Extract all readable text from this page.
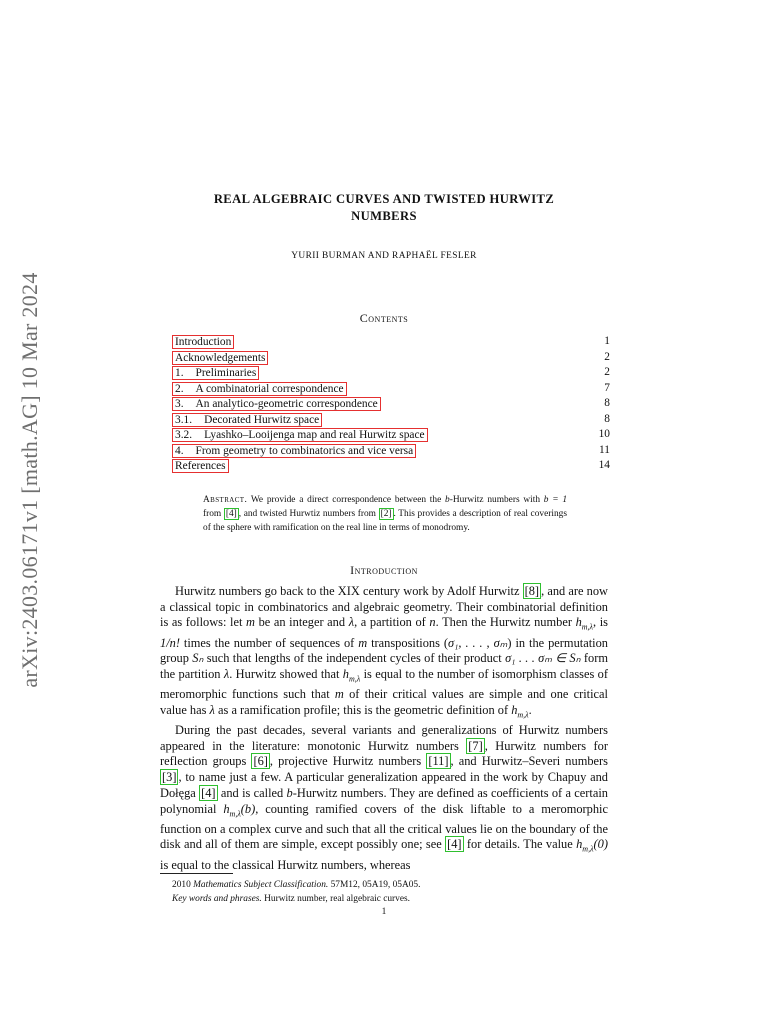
arXiv:2403.06171v1 [math.AG] 10 Mar 2024
REAL ALGEBRAIC CURVES AND TWISTED HURWITZ
NUMBERS
YURII BURMAN AND RAPHAËL FESLER
Contents
Introduction	1
Acknowledgements	2
1. Preliminaries	2
2. A combinatorial correspondence	7
3. An analytico-geometric correspondence	8
3.1. Decorated Hurwitz space	8
3.2. Lyashko–Looijenga map and real Hurwitz space	10
4. From geometry to combinatorics and vice versa	11
References	14
Abstract. We provide a direct correspondence between the b-Hurwitz numbers with b = 1 from [4] , and twisted Hurwtiz numbers from [2] . This provides a description of real coverings of the sphere with ramification on the real line in terms of monodromy.
Introduction

Hurwitz numbers go back to the XIX century work by Adolf Hurwitz [8] , and are now a classical topic in combinatorics and algebraic geometry. Their combinatorial definition is as follows: let m be an integer and λ, a partition of n. Then the Hurwitz number $h_{m,\lambda}$, is 1/n! times the number of sequences of m transpositions (σ₁, . . . , σₘ) in the permutation group Sₙ such that lengths of the independent cycles of their product σ₁ . . . σₘ ∈ Sₙ form the partition λ. Hurwitz showed that $h_{m,\lambda}$ is equal to the number of isomorphism classes of meromorphic functions such that m of their critical values are simple and one critical value has λ as a ramification profile; this is the geometric definition of $h_{m,\lambda}$.

During the past decades, several variants and generalizations of Hurwitz numbers appeared in the literature: monotonic Hurwitz numbers [7] , Hurwitz numbers for reflection groups [6] , projective Hurwitz numbers [11] , and Hurwitz–Severi numbers [3] , to name just a few. A particular generalization appeared in the work by Chapuy and Dołęga [4] and is called b-Hurwitz numbers. They are defined as coefficients of a certain polynomial $h_{m,\lambda}(b)$, counting ramified covers of the disk liftable to a meromorphic function on a complex curve and such that all the critical values lie on the boundary of the disk and all of them are simple, except possibly one; see [4] for details. The value $h_{m,\lambda}(0)$ is equal to the classical Hurwitz numbers, whereas

2010 Mathematics Subject Classification. 57M12, 05A19, 05A05.
Key words and phrases. Hurwitz number, real algebraic curves.
1
